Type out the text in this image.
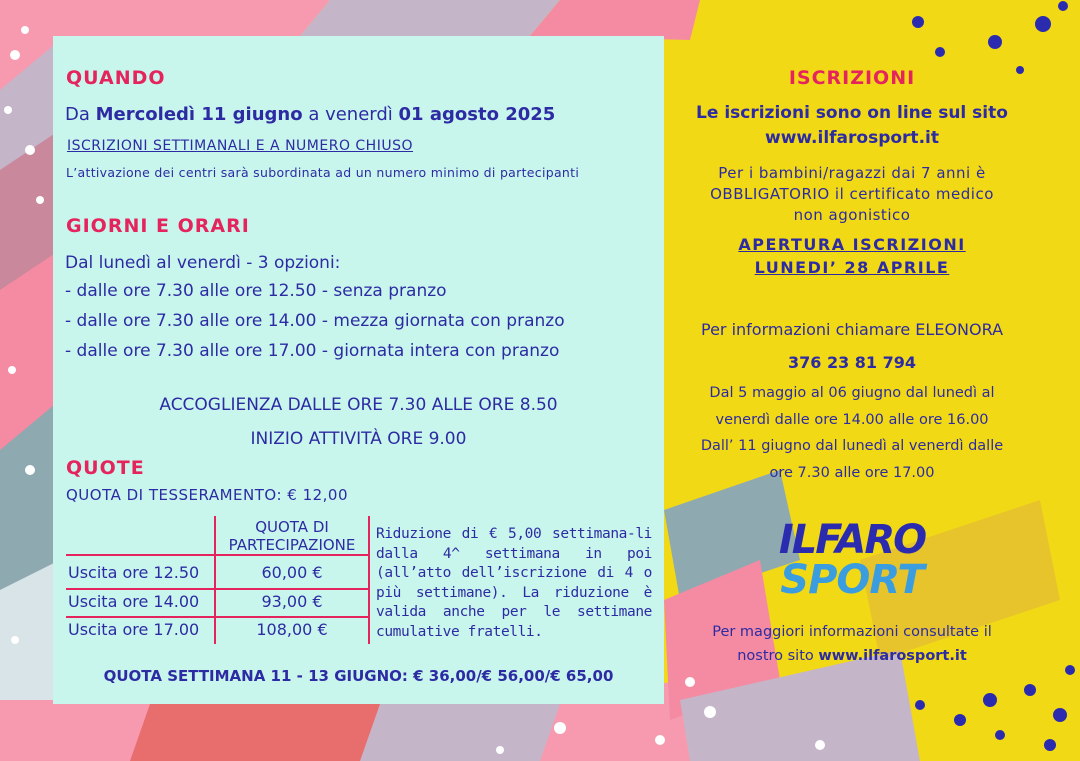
QUANDO
Da Mercoledì 11 giugno a venerdì 01 agosto 2025
ISCRIZIONI SETTIMANALI E A NUMERO CHIUSO
L’attivazione dei centri sarà subordinata ad un numero minimo di partecipanti
GIORNI E ORARI
Dal lunedì al venerdì - 3 opzioni:
- dalle ore 7.30 alle ore 12.50 - senza pranzo
- dalle ore 7.30 alle ore 14.00 - mezza giornata con pranzo
- dalle ore 7.30 alle ore 17.00 - giornata intera con pranzo
ACCOGLIENZA DALLE ORE 7.30 ALLE ORE 8.50
INIZIO ATTIVITÀ ORE 9.00
QUOTE
QUOTA DI TESSERAMENTO: € 12,00
QUOTA DI
PARTECIPAZIONE
Uscita ore 12.50	60,00 €
Uscita ore 14.00	93,00 €
Uscita ore 17.00	108,00 €
Riduzione di € 5,00 settimana-li dalla 4^ settimana in poi (all’atto dell’iscrizione di 4 o più settimane). La riduzione è valida anche per le settimane cumulative fratelli.
QUOTA SETTIMANA 11 - 13 GIUGNO: € 36,00/€ 56,00/€ 65,00
ISCRIZIONI
Le iscrizioni sono on line sul sito
www.ilfarosport.it
Per i bambini/ragazzi dai 7 anni è
OBBLIGATORIO il certificato medico
non agonistico
APERTURA ISCRIZIONI
LUNEDI’ 28 APRILE
Per informazioni chiamare ELEONORA
376 23 81 794
Dal 5 maggio al 06 giugno dal lunedì al
venerdì dalle ore 14.00 alle ore 16.00
Dall’ 11 giugno dal lunedì al venerdì dalle
ore 7.30 alle ore 17.00
ILFARO
SPORT
Per maggiori informazioni consultate il
nostro sito www.ilfarosport.it
